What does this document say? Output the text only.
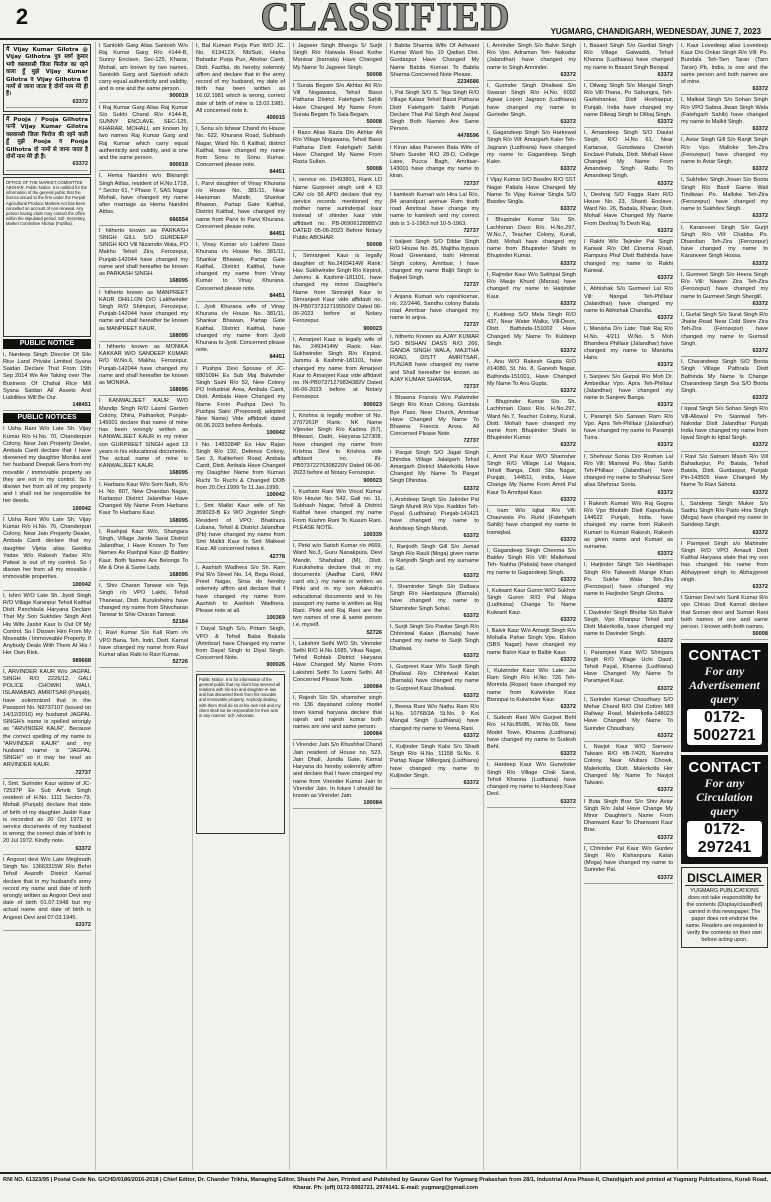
2	CLASSIFIED	YUGMARG, CHANDIGARH, WEDNESDAY, JUNE 7, 2023
मैं Vijay Kumar Gilotra @ Vijay Gilhotra पुत्र स्वर्ग कुमार भगी वसवारसी जिला फिरोज का रहने वाला हूँ मुझे Vijay Kumar Gilotra व Vijay Gilhotra दो नामों से जाना जाता है दोनों नाम मेरे ही हैं।
63372
मैं Pooja / Pooja Gilhotra पत्नी Vijay Kumar Gilotra वसवारसी जिला फिरोज की रहने वाली हूँ मुझे Pooja व Pooja Gilhotra दो नामों से जाना जाता है दोनों नाम मेरे ही हैं।
63372
OFFICE OF THE MARKET COMMITTEE ABOHAR. Public Notice. It is notified for the information of the general public that the licence issued to the firm under the Punjab Agricultural Produce Markets Act has been cancelled on account of non-renewal. Any person having claim may contact the office within the stipulated period. Sd/- Secretary, Market Committee Abohar (Fazilka).
PUBLIC NOTICE
I, Nardeep Singh Director Of Silo Rice Land Private Limited Syana Saidan Declare That From 15th Sep 2014 We Are Taking over The Business Of Chahal Rice Mill Syana Saidan All Assets And Liabilities Will Be Our.
148451
PUBLIC NOTICES
I Usha Rani W/o Late Sh. Vijay Kumar R/o H.No. 70, Chanderpuri Colony, Near Jain Property Dealer, Ambala Cantt declare that I have disowned my daughter Monika and her husband Deepak Gera from my movable / immovable property as they are not in my control. So I disown her from all of my property and I shall not be responsible for her deeds.
100042
I Usha Rani W/o Late Sh. Vijay Kumar R/o H.No. 70, Chanderpuri Colony, Near Jain Property Dealer, Ambala Cantt declare that my daughter Vijeta alias Geetika Yadav W/o Rakesh Yadav R/o Palwal is out of my control. So I disown her from all my movable / immovable properties.
100042
I, Ishro W/O Late Sh. Jiyoti Singh R/O Village Karanpur Tehsil Kaithal Distt Panchkula Haryana Declare That My Son Sukhdev Singh And His Wife Jasbir Kaur Is Out Of My Control. So I Disown Him From My Moveable / Immoveable Property. If Anybody Deals With Them At His / Her Own Risk.
989668
I, ARVINDER KAUR W/o JAGPAL SINGH R/O 2226/12, GALI POLICE CHOWKI WALI, ISLAMABAD, AMRITSAR (Punjab), have solemnized that in the Passport No. N9737107 (issued on 14/12/2016) my husband JAGPAL SINGH's name is spelled wrongly as "ARVINDER KAUR". Because the correct spelling of my name is "ARVINDER KAUR" and my husband name is "JAGPAL SINGH" so it may be read as ARVINDER KAUR.
72737
I, Smt. Surinder Kaur widow of JC-72537P Ex Sub Amrik Singh resident of H.No. 1111 Sector-79, Mohali (Punjab) declare that date of birth of my daughter Jasbir Kaur is recorded as 20 Oct 1972 in service documents of my husband is wrong; the correct date of birth is 20 Jul 1972. Kindly note.
63372
I Angoori devi W/o Late Meghnath Singh No. 13663315W R/o Behri Tehsil Asandh District Karnal declare that in my husband's army record my name and date of birth wrongly written as Angoor Devi and date of birth 01.07.1948 but my actual name and date of birth is Angoori Devi and 07.03.1945.
63372
I Santokh Garg Alias Santosh W/o Raj Kumar Garg R/o #144-B, Sunny Enclave, Sec-125, Kharar, Mohali, am known by two names, Santokh Garg and Santosh which carry equal authenticity and validity, and is one and the same person.
900019
I Raj Kumar Garg Alias Raj Kumar S/o Sukhi Chand R/o #144-B, SUNNY ENCLAVE, SEC-125, KHARAR, MOHALI, am known by two names Raj Kumar Garg and Raj Kumar which carry equal authenticity and validity, and is one and the same person.
900019
I, Hema Nandini w/o Bikramjit Singh Attlas, resident of H.No.1718, * Sector 61, * Phase 7, SAS Nagar Mohali, have changed my name after marriage as Hema Nandini Attlas.
666554
I hitherto known as PARKASH SINGH GILL S/O GURDEEP SINGH R/O Vill Nizamdin Wala, PO Makhu Tehsil Zira, Ferozepur, Punjab-142044 have changed my name and shall hereafter be known as PARKASH SINGH.
168095
I hitherto known as MANPREET KAUR DHILLON D/O Lakhwinder Singh R/O Shimpuri, Ferozepur, Punjab-142044 have changed my name and shall hereafter be known as MANPREET KAUR.
168095
I hitherto known as MONIKA KAKKAR W/O SANDEEP KUMAR R/O W.No.6, Makhu, Ferozepur, Punjab-142044 have changed my name and shall hereafter be known as MONIKA.
168095
I KANWALJEET KAUR W/O Mandip Singh R/O Laxmi Garden Colony, Dhira, Pathankot, Punjab-145001 declare that name of mine has been wrongly written as KANWALJEET KAUR in my minor son GURPREET SINGH aged 13 years in his educational documents. The actual name of mine is KANWALJEET KAUR.
168095
I, Harbans Kaur W/o Som Nath, R/o H. No. 807, New Chandan Nagar, Kartarpur District Jalandhar Have Changed My Name From Harbans Kaur To Harbans Kaur.
168095
I, Rashpal Kaur W/o, Shangara Singh, Village Jande Sarai District Jalandhar, I Have Known To Two Names As Rashpal Kaur @ Baldev Kaur. Both Names Are Belongs To Me & One & Same Lady.
168095
I, Shiv Charan Tanwar s/o Teja Singh r/o VPO Lakhi, Tehsil Thanesar, Distt. Kurukshetra have changed my name from Shivcharan Tanwar to Shiv Charan Tanwar.
52184
I, Ravi Kumar S/o Kali Ram r/o VPO Bana, Teh. Indri, Distt. Karnal have changed my name from Ravi Kumar alias Rabi to Ravi Kumar.
52726
I, Bal Kumari Purja Pun W/O JC. No. 613412X, Nb/Sub, Harka Bahadur Purja Pun, Abohar Cantt, Distt. Fazilka, do hereby solemnly affirm and declare that in the army record of my husband, my date of birth has been written as 16.02.1981 which is wrong, correct date of birth of mine is 13.02.1981. All concerned note it.
400015
I, Sonu s/o Ishwar Chand r/o House No. 622, Khurana Road, Subhash Nagar, Ward No. 6 Kaithal, district Kaithal, have changed my name from Sonu to Sonu Kumar. Concerned please note.
84451
I, Parvi daughter of Vinay Khurana r/o House No. 381/11, Near Hanuman Mandir, Shankar Bhawan, Partap Gate Kaithal, District Kaithal, have changed my name from Parvi to Parvi Khurana. Concerned please note.
84451
I, Vinay Kumar s/o Lakhmi Dass Khurana r/o House No. 381/11, Shankar Bhawan, Partap Gate Kaithal, District Kaithal, have changed my name from Vinay Kumar to Vinay Khurana. Concerned please note.
84451
I, Jyoti Khurana wife of Vinay Khurana r/o House No. 381/11, Shankar Bhawan, Partap Gate Kaithal, District Kaithal, have changed my name from Jyoti Khurana to Jyoti. Concerned please note.
84451
I Pushpa Devi Spouse of JC-680109H Ex Sub Maj Balwinder Singh Saini R/o 52, New Colony PO Industrial Area, Ambala Cantt, Distt. Ambala Have Changed my Name From Pushpa Devi To Pushpa Saini (Proposed) adopted New Name) Vide affidavit dated 06.06.2023 before Ambala.
100042
I No. 1483284P Ex Hav Rajan Singh R/o 192, Defence Colony, Sec 3, Kaliterheri Road, Ambala Cantt, Distt. Ambala Have Changed my Daughter Name from Kumari Ruchi To Ruchi & Changed DOB from 20.Oct.1999 To 11.Jan.1999.
100042
I, Smt Malkit Kaur wife of No 359023-B Ex WO Joginder Singh Resident of VPO: Bhatinura Lubana, Tehsil & District Jalandhar (Pb) have changed my name from Smt Malkit Kaur to Smt Malkeet Kaur. All concerned notes it.
42778
I, Aashish Wadhera S/o Sh. Ram Pal R/o Street No. 14, Begu Road, Preet Nagar, Sirsa do hereby solemnly affirm and declare that I have changed my name from Aashish to Aashish Wadhera. Please note at all.
100369
I Dayal Singh S/o. Pritam Singh, VPO & Tehsil Baba Bakala (Amritsar) have Changed my name from Dayal Singh to Diyal Singh. Concerned Note.
900026
Public Notice. It is for information of the general public that my client has severed all relations with his son and daughter-in-law and has disowned them from his movable and immovable property. Anybody dealing with them shall do so at his own risk and my client shall not be responsible for their acts in any manner. Sd/- Advocate.
I Jagseer Singh Bhangu S/ Surjit Singh R/o Naiwala Road Kothe Manisar (barnala) Have Changed My Name To Jagseer Singh.
50008
I Suraia Begam S/o Akhtar Ali R/o Vill Nogawana, Tehsil Bassi Pathana District Fatehgarh Sahib Have Changed My Name From Suraia Begam To Saia Begam.
50008
I Razo Alias Razia D/o Akhtar Ali R/o Village Nogawana, Tehsil Bassi Pathana Distt Fatehgarh Sahib Have Changed My Name From Razia Sultan.
50008
I, service no. 15493801, Rank LD Name Gurpreet singh unit 4 63 CAV c/o 56 APO declare that my service records mentioned my mother name surinderpal kaur instead of shinder kaur vide affidavit no. PB-06906128985V2 DATED 05-06-2023 Before Notary Public ABOHAR.
50008
I, Simranjeet Kaur is legally daughter of No.2493414W Rank: Hav. Sukhwinder Singh R/o Kirpind, Jammu & Kashmir-181101, have changed my minor Daughter's Name from Simranjit Kaur to Simranjeet Kaur vide affidavit no. IN-PB07373127195506V Dated 06-06-2023 before at Notary Ferozepur.
900023
I, Amarjeet Kaur is legally wife of No. 2493414W Rank: Hav. Sukhwinder Singh R/o Kirpind, Jammu & Kashmir-181101, have changed my name from Amarjeet Kaur to Amarjeet Kaur vide affidavit no. IN-PB07371279834382V Dated 06-06-2023 before at Notary Ferozepur.
900023
I, Krishna is legally mother of No. 2707261P Rank: NK Name Vijender Singh R/o Kadma (57), Bhiwani, Dadri, Haryana-127308, have changed my name from Krishna Devi to Krishna vide affidavit no. IN-PB07372276308229V Dated 06-06-2023 before at Notary Ferozepur.
900023
I, Kusham Rani W/o Vinod Kumar R/o House No. 542, Gali no. 11, Subhash Nagar, Tehsil & District Kaithal have changed my name From Kushm Rani To Kusum Rani. PLEASE NOTE.
100339
I, Pinki w/o Satish Kumar r/o #669, Ward No.3, Guru Nanakpura, Devi Mandir, Shahabad (M), Distt. Kurukshetra declare that in my documents (Aadhar Card, PAN card etc.) my name is written as Pinki and in my son Aakash's educational documents and in his passport my name is written as Raj Rani. Pinki and Raj Rani are the two names of one & same person i.e. myself.
52726
I, Lakshmi Sethi W/O Sh. Virender Sethi R/O H.No 1685, Vikas Nagar, Tehsil Rohtak District Haryana Have Changed My Name From Lakshmi Sethi To Laxmi Sethi. All Concerned Please Note.
100084
I, Rajesh S/o Sh. shamsher singh r/o 136 dayanand colony model town kamal haryana declare that rajesh and rajesh kumar both names are one and same person.
100084
I Virender Jain S/o Khushhal Chand Jain resident of House no. 523, Jain Dhall, Jundla Gate, Karnal Haryana do hereby solemnly affirm and declare that I have changed my name from Virender Kumar Jain to Virender Jain. In future I should be known as Virender Jain.
100084
I Babita Sharma Wife Of Ashwani Kumar Ward No. 10 Qadian Dist. Gurdaspur Have Changed My Name Babita Kumari To Babita Sharma Concerned Note Please.
2234586
I, Pal Singh S/O S. Teja Singh R/O Village Kalaur Tehsil Bassi Pathana Distt Fatehgarh Sahib Punjab Declare That Pal Singh And Jaspal Singh Both Names Are Same Person.
4478596
I Kiran alias Parveen Bala Wife of Sham Sunder R/O 28-D, College Lane, Pucca Bagh, Amritsar-143001 have change my name to kiran.
72737
I kamlesh Kumari w/o Hira Lal R/o, 84 anandpuri avenue Ram tirath road Amritsar have change my name to kamlesh and my correct dob is 1-1-1963 not 10-5-1963.
72737
I baljeet Singh S/O Dildar Singh R/O House No. 85, Majitha bypass Road Greenland, bahi Himmat Singh colony, Amritsar, I have changed my name Baljit Singh to Baljeet Singh.
72737
I Anjana Kumari w/o rajeshkumar, r/o, 22/2446, Sandhu colony Batala road Amritsar have changed my name to anjna.
72737
I, hitherto Known as AJAY KUMAR S/O BISHAN DASS R/O 266, GANDA SINGH WALA, MAJITHA ROAD, DISTT AMRITSAR, PUNJAB have changed my name and Shall hereafter be known as AJAY KUMAR SHARMA.
72737
I Bhawna Fransis W/o Palwinder Singh R/o Kiran Colony, Gumtala Bye Pass, Near Church, Amritsar Have Changed My Name To Bhawna Francis Arora. All Concerned Please Note.
72737
I Pargat Singh S/O Jagat Singh Dhindsa Village Jalalgarh Tehsil Amargarh District Malerkotla Have Changed My Name To Pargat Singh Dhindsa.
63372
I, Arshdeep Singh S/o Jatinder Pal Singh Mundi R/o Vpo. Kaddon Teh- Payal (Ludhiana) Punjab-141421 have changed my name to Arshdeep Singh Mundi.
63372
I, Ranjodh Singh Gill S/o Jamail Singh R/o Rauli (Moga) given name is Ranjodh Singh and my surname is Gill.
63372
I, Shaminder Singh S/o Dalbara Singh R/o Hardaspura (Barnala) have changed my name to Shaminder Singh Sohal.
63372
I, Surjit Singh S/o Pavitar Singh R/o Chhiniwal Kalan (Barnala) have changed my name to Surjit Singh Dhaliwal.
63372
I, Gurpreet Kaur W/o Surjit Singh Dhaliwal R/o Chhiniwal Kalan (Barnala) have changed my name to Gurpreet Kaur Dhaliwal.
63372
I, Beena Rani W/o Nathu Ram R/o H.No. 10768/3A St.No. 9 Kot Mangal Singh (Ludhiana) have changed my name to Veena Rani.
63372
I, Kuljinder Singh Kalsi S/o Shadi Singh R/o H.No. 11158 St.No. 6 Partap Nagar Millerganj (Ludhiana) have changed my name to Kuljinder Singh.
63372
I, Amrinder Singh S/o Balvir Singh R/o Vpo. Adraman Teh- Nakodar (Jalandhar) have changed my name to Singh Amrinder.
63372
I, Gurinder Singh Dhaliwal S/o Swaran Singh R/o H.No. 6092 Agwar Lopon Jagraon (Ludhiana) have changed my name to Gurinder Singh.
63372
I, Gagandeep Singh S/o Harkewal Singh R/o Vill: Amargarh Kaler Teh- Jagraon (Ludhiana) have changed my name to Gagandeep Singh Kaler.
63372
I Vijay Kumar S/O Basdev R/O SST Nagar Patiala Have Changed My Name To Vijay Kumar Singla S/O Basdev Singla.
63372
I Bhupinder Kumar S/o. Sh. Lachhman Dass R/o. H.No.297, W.No.7, Teacher Colony, Kurali, Distt. Mohali have changed my name from Bhupinder Shahi to Bhupinder Kumar.
63372
I, Rajinder Kaur W/o Sukhpal Singh R/o Maujo Khurd (Mansa) have changed my name to Harjinder Kaur.
63372
I, Kuldeep S/O Mela Singh R/O 437, Near Water Walks, Vill-Deon, Distt. Bathinda-151002 Have Changed My Name To Kuldeep Singh.
63372
I, Anu W/O Rakesh Gupta R/O #14080, St. No. 8, Ganesh Nagar, Bathinda-151001, Have Changed My Name To Anu Gupta.
63372
I Bhupinder Kumar S/o. Sh. Lachhman Dass R/o. H.No.297, Ward No.7, Teacher Colony, Kurali, Distt. Mohali have changed my name from Bhupinder Shahi to Bhupinder Kumar.
63372
I, Amrit Pal Kaur W/O Shamsher Singh R/O Village Lal Majara, Tehsil Banga, Distt Sbs Nagar, Punjab, 144511, India, Have Change My Name From Amrit Pal Kaur To Amritpal Kaur.
63372
I, Iram W/o Iqbal R/o Vill: Chaurwala Po. Rurki (Fatehgarh Sahib) have changed my name to Iramiqbal.
63372
I, Gagandeep Singh Cheema S/o Baldev Singh R/o Vill: Maltehwal Teh- Nabha (Patiala) have changed my name to Gagandeep Singh.
63372
I, Kulwant Kaur Guron W/O Sukhvir Singh Guron R/O Pal Majra (Ludhiana) Change To Name Kulwant Kaur.
63372
I, Balvir Kaur W/o Amarjit Singh R/o Mohalla Pahar Singh Vpo. Rahon (SBS Nagar) have changed my name Balvir Kaur to Balbir Kaur.
63372
I, Kulwinder Kaur W/o Late: Jai Ram Singh R/o H.No. 726 Teh-Morinda (Ropar) have changed my name from Kulwinder Kaur Bisnopal to Kulwinder Kaur.
63372
I, Sudesh Rani W/o Gurjeet Behl R/o H.No.85/86, W.No.09, New Model Town, Khanna (Ludhiana) have changed my name to Sudesh Behl.
63372
I, Hardeep Kaur W/o Gurwinder Singh R/o Village Chak Sarai, Tehsil Khanna (Ludhiana) have changed my name to Hardeep Kaur Deol.
63372
I, Basant Singh S/o Gurdial Singh R/o Village Galwaddi, Tehsil Khanna (Ludhiana) have changed my name to Basant Singh Benipal.
63372
I, Dilwag Singh S/o Mangal Singh R/o Vill-Thana, Po Sahungra, Teh-Garhshankar, Distt Hoshiarpur, Punjab, India have changed my name Dilwag Singh to Dilbaj Singh.
63372
I, Amandeep Singh S/O Daulat Singh, R/O H.No 61, Near Kartarsar, Gurudwara Cherish Enclave Patiala, Distt. Mohali Have Changed My Name From Amandeep Singh Rattu To Amandeep Singh.
63372
I, Deshraj S/O Fagga Ram R/O House No. 23, Shanti Enclave, Ward No. 26, Badala, Kharar, Distt. Mohali Have Changed My Name From Deshraj To Desh Raj.
63372
I Rakhi W/o Tejinder Pal Singh Kanwal R/o Old Cinema Road, Rampura Phul Distt Bathinda have changed my name to Rakhi Kanwal.
63372
I, Abhishak S/o Gurmeet Lal R/o Vill: Nangal Teh-Phillaur (Jalandhar) have changed my name to Abhishak Chandla.
63372
I, Manisha D/o Late: Tilak Raj R/o H.No. 4/211 W.No. 5 Moh Bhandera Phillaur (Jalandhar) have changed my name to Manisha Hans.
63372
I, Sanjeev S/o Gurpal R/o Moh Dr. Ambedkar Vpo. Apra Teh-Phillaur (Jalandhar) have changed my name to Sanjeev Banga.
63372
I, Paramjit S/o Sarwan Ram R/o Vpo. Apra Teh-Phillaur (Jalandhar) have changed my name to Paramjit Turra.
63372
I, Shehnaz Sonia D/o Roshan Lal R/o Vill: Mianwal Po. Mau Sahib Teh-Phillaur (Jalandhar) have changed my name to Shahnaz Soni alias Shehnaz Sonia.
63372
I Rakesh Kumari W/o Raj Gogna R/o Vpo Bholath Distt Kapurthala 144622 Punjab, India. have changed my name from Rakesh Kumari to Kumari Rakesh, Rakesh as given name and Kumari as surname.
63372
I, Harjinder Singh S/o Harbhajan Singh R/o Talwandi Mange Khan Po. Sukhe Wala Teh-Zira (Ferozepur) have changed my name to Harjinder Singh Ghotra.
63372
I, Davinder Singh Bhullar S/o Balvir Singh, Vpo Khanpur Tehsil and Distt Malerkotla, have changed my name to Davinder Singh.
63372
I, Paramjeet Kaur W/O Shingara Singh R/O Village Uchi Daud, Tehsil Payal, Khanna (Ludhiana) Have Changed My Name To Paramjeet Kaur.
63372
I, Surinder Kumar Choudhary S/O Mehar Chand R/O Old Cotton Mill Railway Road, Malerkotla-148023 Have Changed My Name To Surinder Choudhary.
63372
I, Navjot Kaur W/O Sarneev Talwani R/O #B-7/420, Narindra Colony, Near Multani Chowk, Malerkotla, Distt. Malerkotla Her Changed My Name To Navjot Talwani.
63372
I Buta Singh Brar S/o Shiv Avtar Singh R/o Jalal Have Change My Minor Daughter's Name From Dhanwant Kaur To Dhanwant Kaur Brar.
63372
I, Chhinder Pal Kaur W/o Gurdev Singh R/o Kishanpura Kalan (Moga) have changed my name to Surinder Pal.
63372
I, Kaur Lovedeep alias Lovedeep Kaur D/o Onkar Singh R/o Vill: Po. Bundala Teh-Tarn Taran (Tarn Taran) Pb, India, is one and the same person and both names are of mine.
63372
I, Malkiat Singh S/o Sohan Singh R/o VPO Sabna Jiwan Singh Wala (Fatehgarh Sahib) have changed my name to Malkit Singh.
63372
I, Avtar Singh Gill S/o Ranjit Singh R/o Vpo. Malloke Teh-Zira (Ferozepur) have changed my name to Avtar Singh.
63372
I, Sukhdev Singh Josan S/o Boota Singh R/o Basti Game Wali Tindiwan Po. Malloke Teh-Zira (Ferozepur) have changed my name to Sukhdev Singh.
63372
I, Karanveer Singh S/o Gurjit Singh R/o Vill: Chabba Po. Dhandian Teh-Zira (Ferozepur) have changed my name to Karanveer Singh Hossa.
63372
I, Gurmeet Singh S/o Heera Singh R/o Vill: Nawan Zira Teh-Zira (Ferozepur) have changed my name to Gurmeet Singh Shergill.
63372
I, Gurlal Singh S/o Surat Singh R/o Jhatar Road Near Cold Store Zira Teh-Zira (Ferozepur) have changed my name to Gurmail Singh.
63372
I, Charandeep Singh S/O Boota Singh Village Pathrala Distt Bathinda My Name Is Change Charandeep Singh Sra S/O Boota Singh.
63372
I Iqwal Singh S/o Sohan Singh R/o Vill-Allowal Po Sianiwal Teh-Nakodar Distt Jalandhar Punjab India have changed my name from Iqwal Singh to Iqbal Singh.
63372
I Ravi S/o Satnam Masih R/o Vill Bahadurpur, Po Batala, Tehsil Batala, Distt. Gurdaspur, Punjab Pin-143505 Have Changed My Name To Ravi Sahota.
63372
I, Sandeep Singh Muker S/o Sadhu Singh R/o Patto Hira Singh (Moga) have changed my name to Sandeep Singh.
63372
I Parmjeet Singh s/o Mahinder Singh R/O VPO Arnauli Distt Kaithal Haryana state that my son has changed his name from Abhaypreet singh to Abhaypreet singh.
63372
I Suman Devi w/o Sunil Kumar R/o vpo Chirao Distt Karnal declare that Suman devi and Suman Rani both names of one and same person. I known with both names.
50008
CONTACT
For any Advertisement query
0172-5002721
CONTACT
For any Circulation query
0172-297241
DISCLAIMER
YUGMARG PUBLICATIONS does not take responsibility for the contents (Display/classified) carried in this newspaper. The paper does not endorse the same. Readers are requested to verify the contents on their own before acting upon.
RNI NO. 61323/95 | Postal Code No. G/CHD/0186/2016-2018 | Chief Editor, Dr. Chander Trikha, Managing Editor, Shashi Pal Jain, Printed and Published by Gaurav Goel for Yugmarg Prakashan from 28/1, Industrial Area Phase-II, Chandigarh and printed at Yugmarg Publications, Kurali Road, Kharar. Ph: (off) 0172-5002721, 2974141. E-mail: yugmarg@gmail.com
